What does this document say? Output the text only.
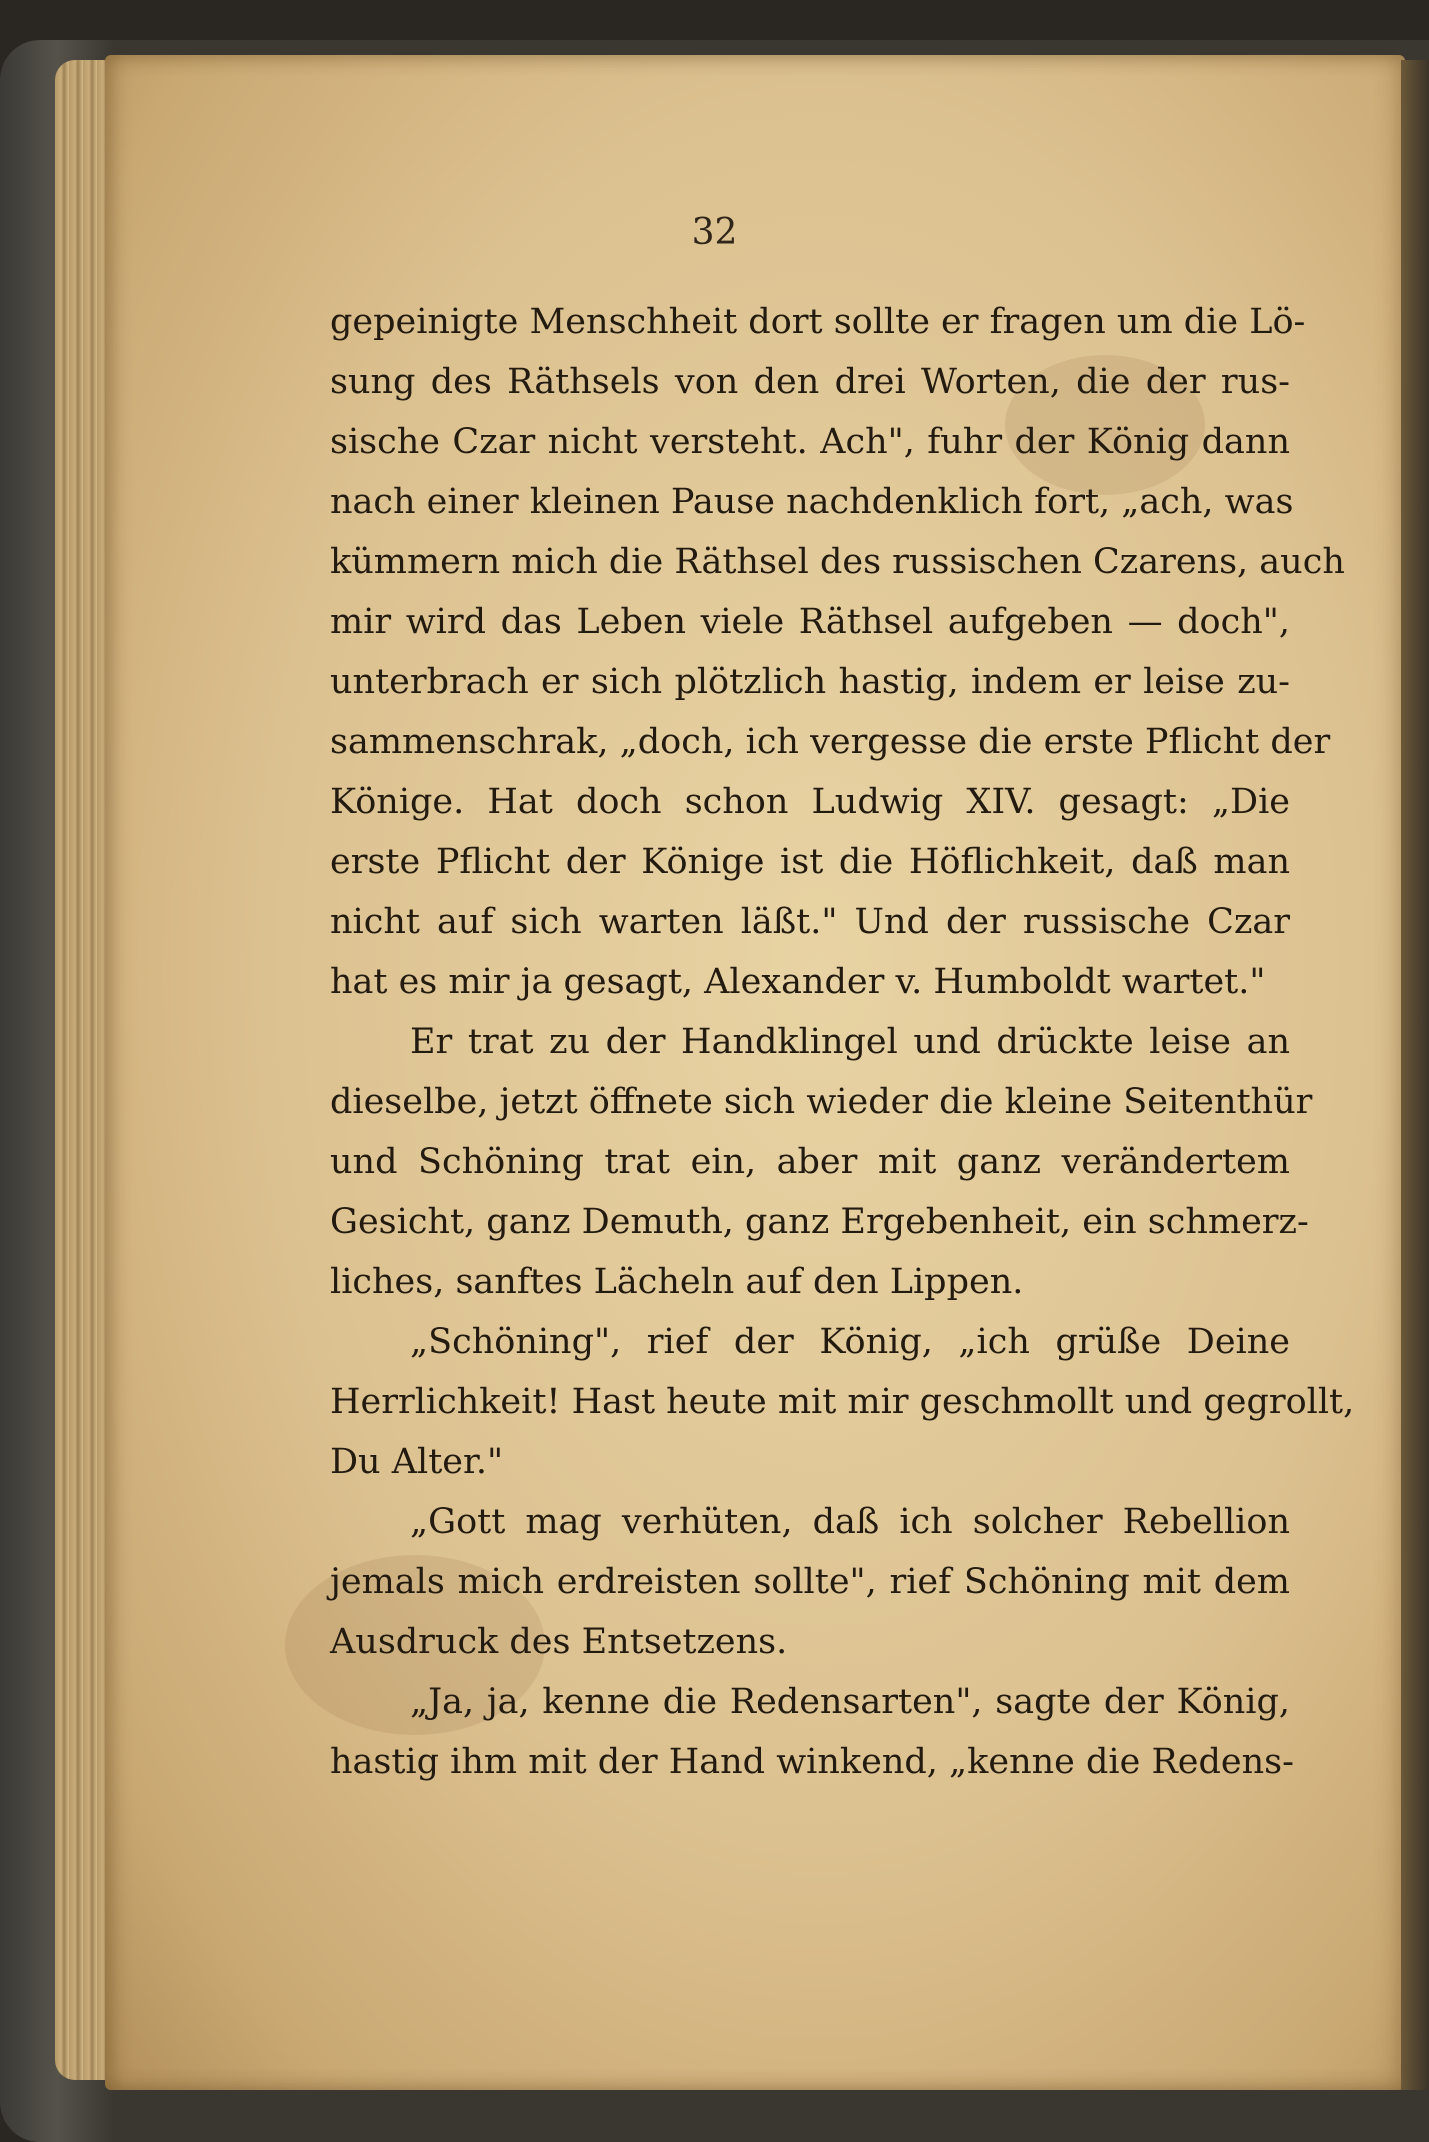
32
gepeinigte Menschheit dort sollte er fragen um die Lö-
sung des Räthsels von den drei Worten, die der rus-
sische Czar nicht versteht. Ach", fuhr der König dann
nach einer kleinen Pause nachdenklich fort, „ach, was
kümmern mich die Räthsel des russischen Czarens, auch
mir wird das Leben viele Räthsel aufgeben — doch",
unterbrach er sich plötzlich hastig, indem er leise zu-
sammenschrak, „doch, ich vergesse die erste Pflicht der
Könige. Hat doch schon Ludwig XIV. gesagt: „Die
erste Pflicht der Könige ist die Höflichkeit, daß man
nicht auf sich warten läßt." Und der russische Czar
hat es mir ja gesagt, Alexander v. Humboldt wartet."
Er trat zu der Handklingel und drückte leise an
dieselbe, jetzt öffnete sich wieder die kleine Seitenthür
und Schöning trat ein, aber mit ganz verändertem
Gesicht, ganz Demuth, ganz Ergebenheit, ein schmerz-
liches, sanftes Lächeln auf den Lippen.
„Schöning", rief der König, „ich grüße Deine
Herrlichkeit! Hast heute mit mir geschmollt und gegrollt,
Du Alter."
„Gott mag verhüten, daß ich solcher Rebellion
jemals mich erdreisten sollte", rief Schöning mit dem
Ausdruck des Entsetzens.
„Ja, ja, kenne die Redensarten", sagte der König,
hastig ihm mit der Hand winkend, „kenne die Redens-
